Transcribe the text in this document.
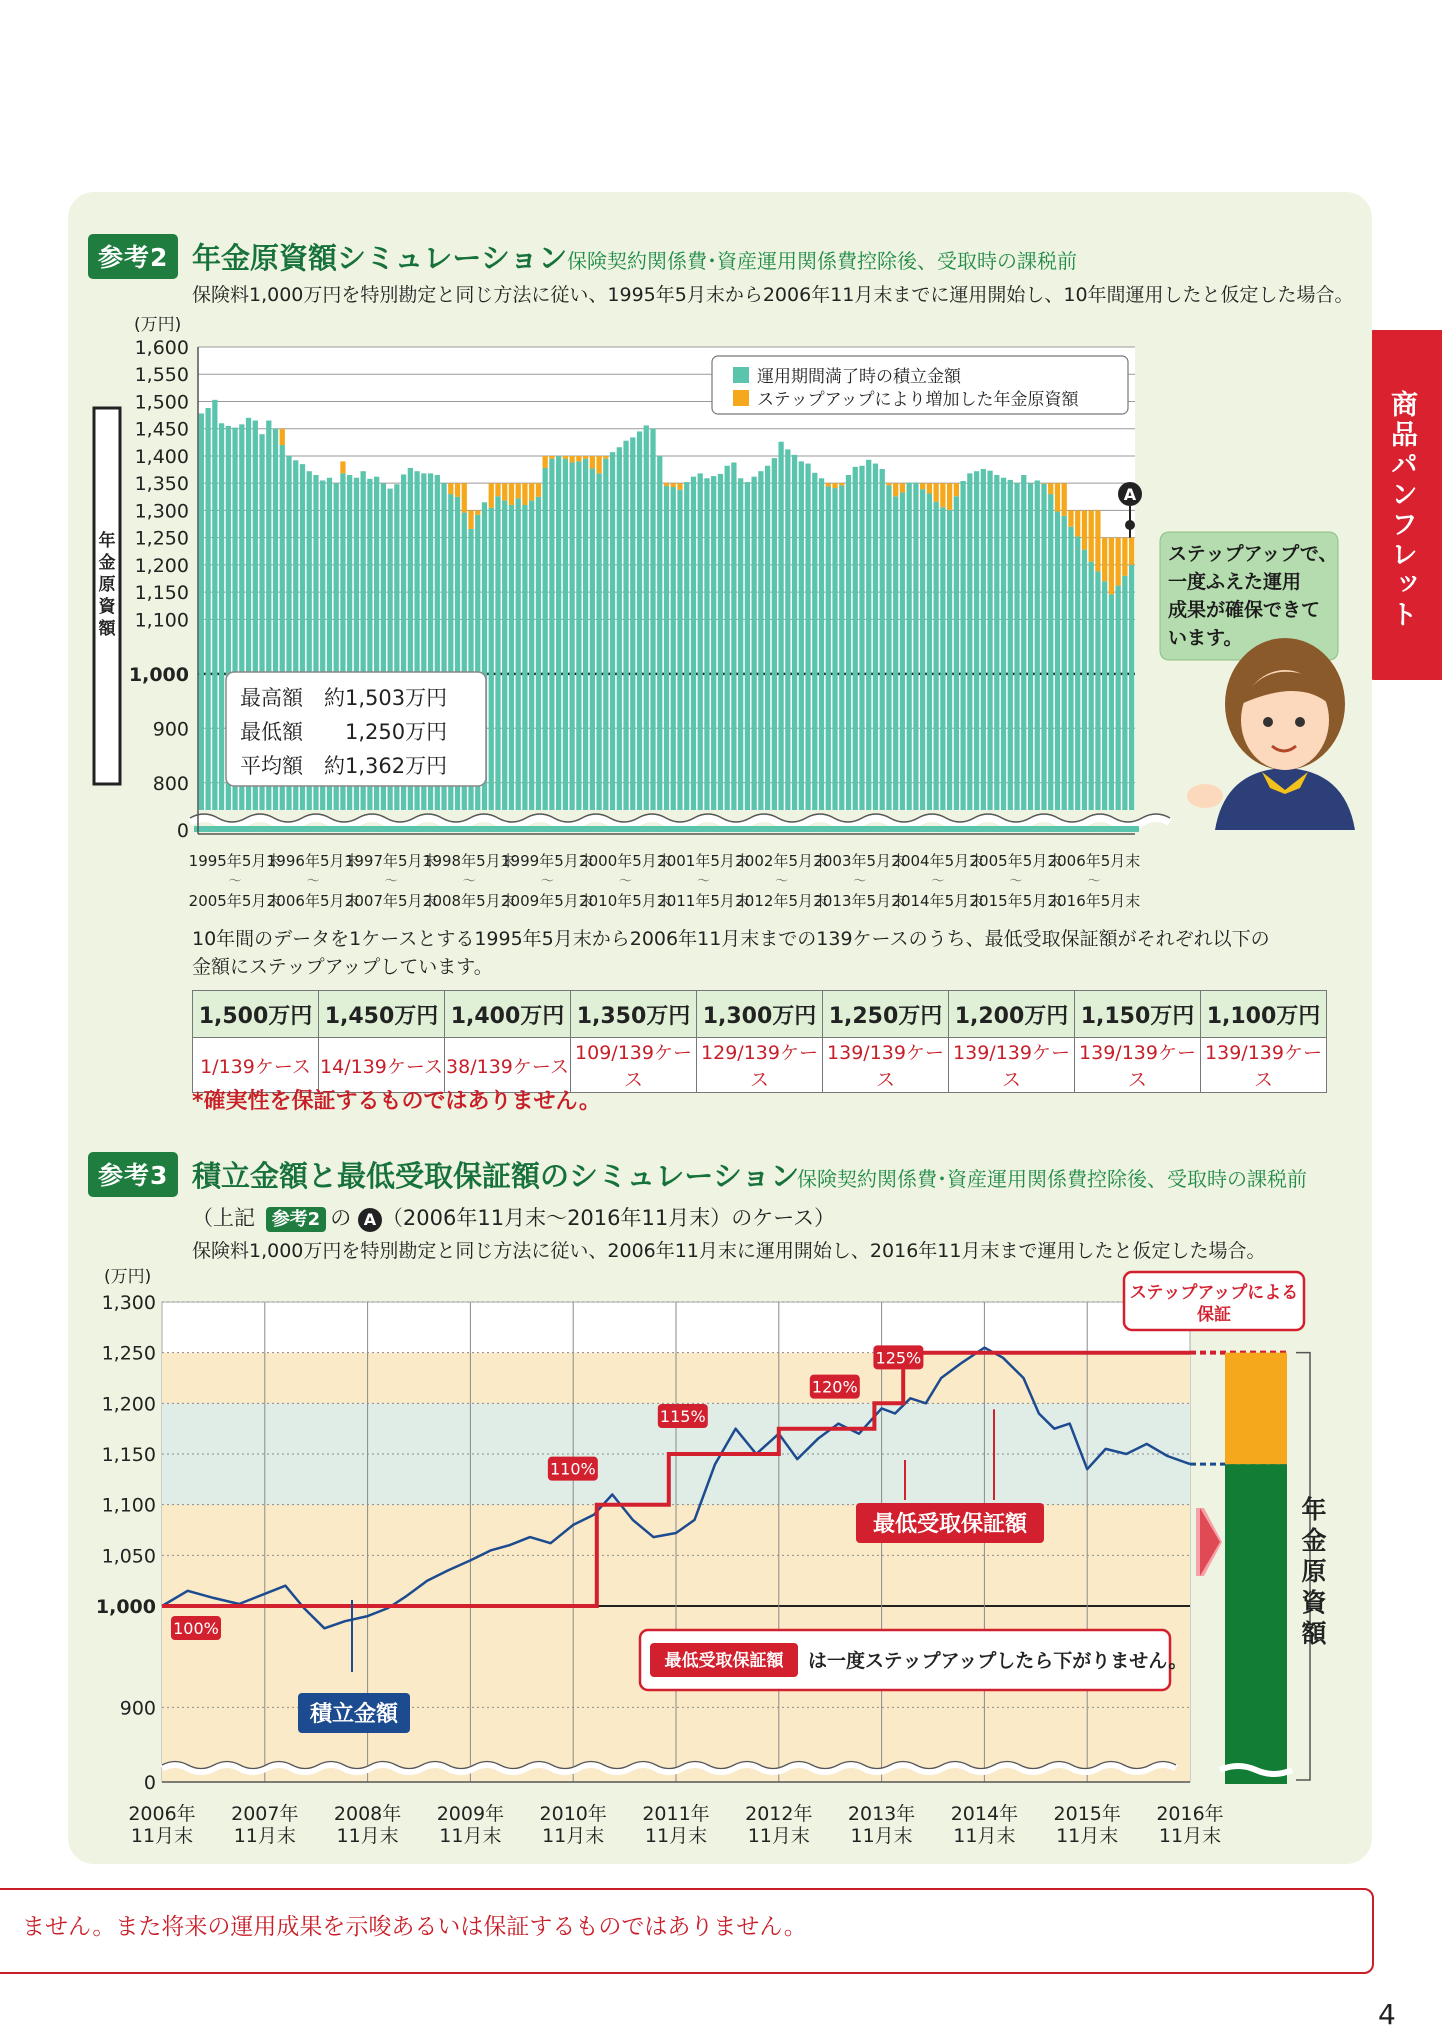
商品パンフレット
参考2 年金原資額シミュレーション 保険契約関係費･資産運用関係費控除後、受取時の課税前
保険料1,000万円を特別勘定と同じ方法に従い、1995年5月末から2006年11月末までに運用開始し、10年間運用したと仮定した場合。
1,600
1,550
1,500
1,450
1,400
1,350
1,300
1,250
1,200
1,150
1,100
1,000
900
800
0
(万円)
1995年5月末
〜
2005年5月末
1996年5月末
〜
2006年5月末
1997年5月末
〜
2007年5月末
1998年5月末
〜
2008年5月末
1999年5月末
〜
2009年5月末
2000年5月末
〜
2010年5月末
2001年5月末
〜
2011年5月末
2002年5月末
〜
2012年5月末
2003年5月末
〜
2013年5月末
2004年5月末
〜
2014年5月末
2005年5月末
〜
2015年5月末
2006年5月末
〜
2016年5月末
年
金
原
資
額
運用期間満了時の積立金額
ステップアップにより増加した年金原資額
最高額　約1,503万円
最低額　　1,250万円
平均額　約1,362万円
A
ステップアップで、
一度ふえた運用
成果が確保できて
います。
10年間のデータを1ケースとする1995年5月末から2006年11月末までの139ケースのうち、最低受取保証額がそれぞれ以下の
金額にステップアップしています。
1,500万円	1,450万円	1,400万円	1,350万円	1,300万円	1,250万円	1,200万円	1,150万円	1,100万円
1/139ケース	14/139ケース	38/139ケース	109/139ケース	129/139ケース	139/139ケース	139/139ケース	139/139ケース	139/139ケース
*確実性を保証するものではありません。
参考3 積立金額と最低受取保証額のシミュレーション
保険契約関係費･資産運用関係費控除後、受取時の課税前
（上記 参考2 の A （2006年11月末〜2016年11月末）のケース）
保険料1,000万円を特別勘定と同じ方法に従い、2006年11月末に運用開始し、2016年11月末まで運用したと仮定した場合。
1,300
1,250
1,200
1,150
1,100
1,050
1,000
900
0
(万円)
2006年
11月末
2007年
11月末
2008年
11月末
2009年
11月末
2010年
11月末
2011年
11月末
2012年
11月末
2013年
11月末
2014年
11月末
2015年
11月末
2016年
11月末
100%
110%
115%
120%
125%
最低受取保証額
積立金額
ステップアップによる
保証
最低受取保証額 は一度ステップアップしたら下がりません。
年
金
原
資
額
ません。また将来の運用成果を示唆あるいは保証するものではありません。
4
